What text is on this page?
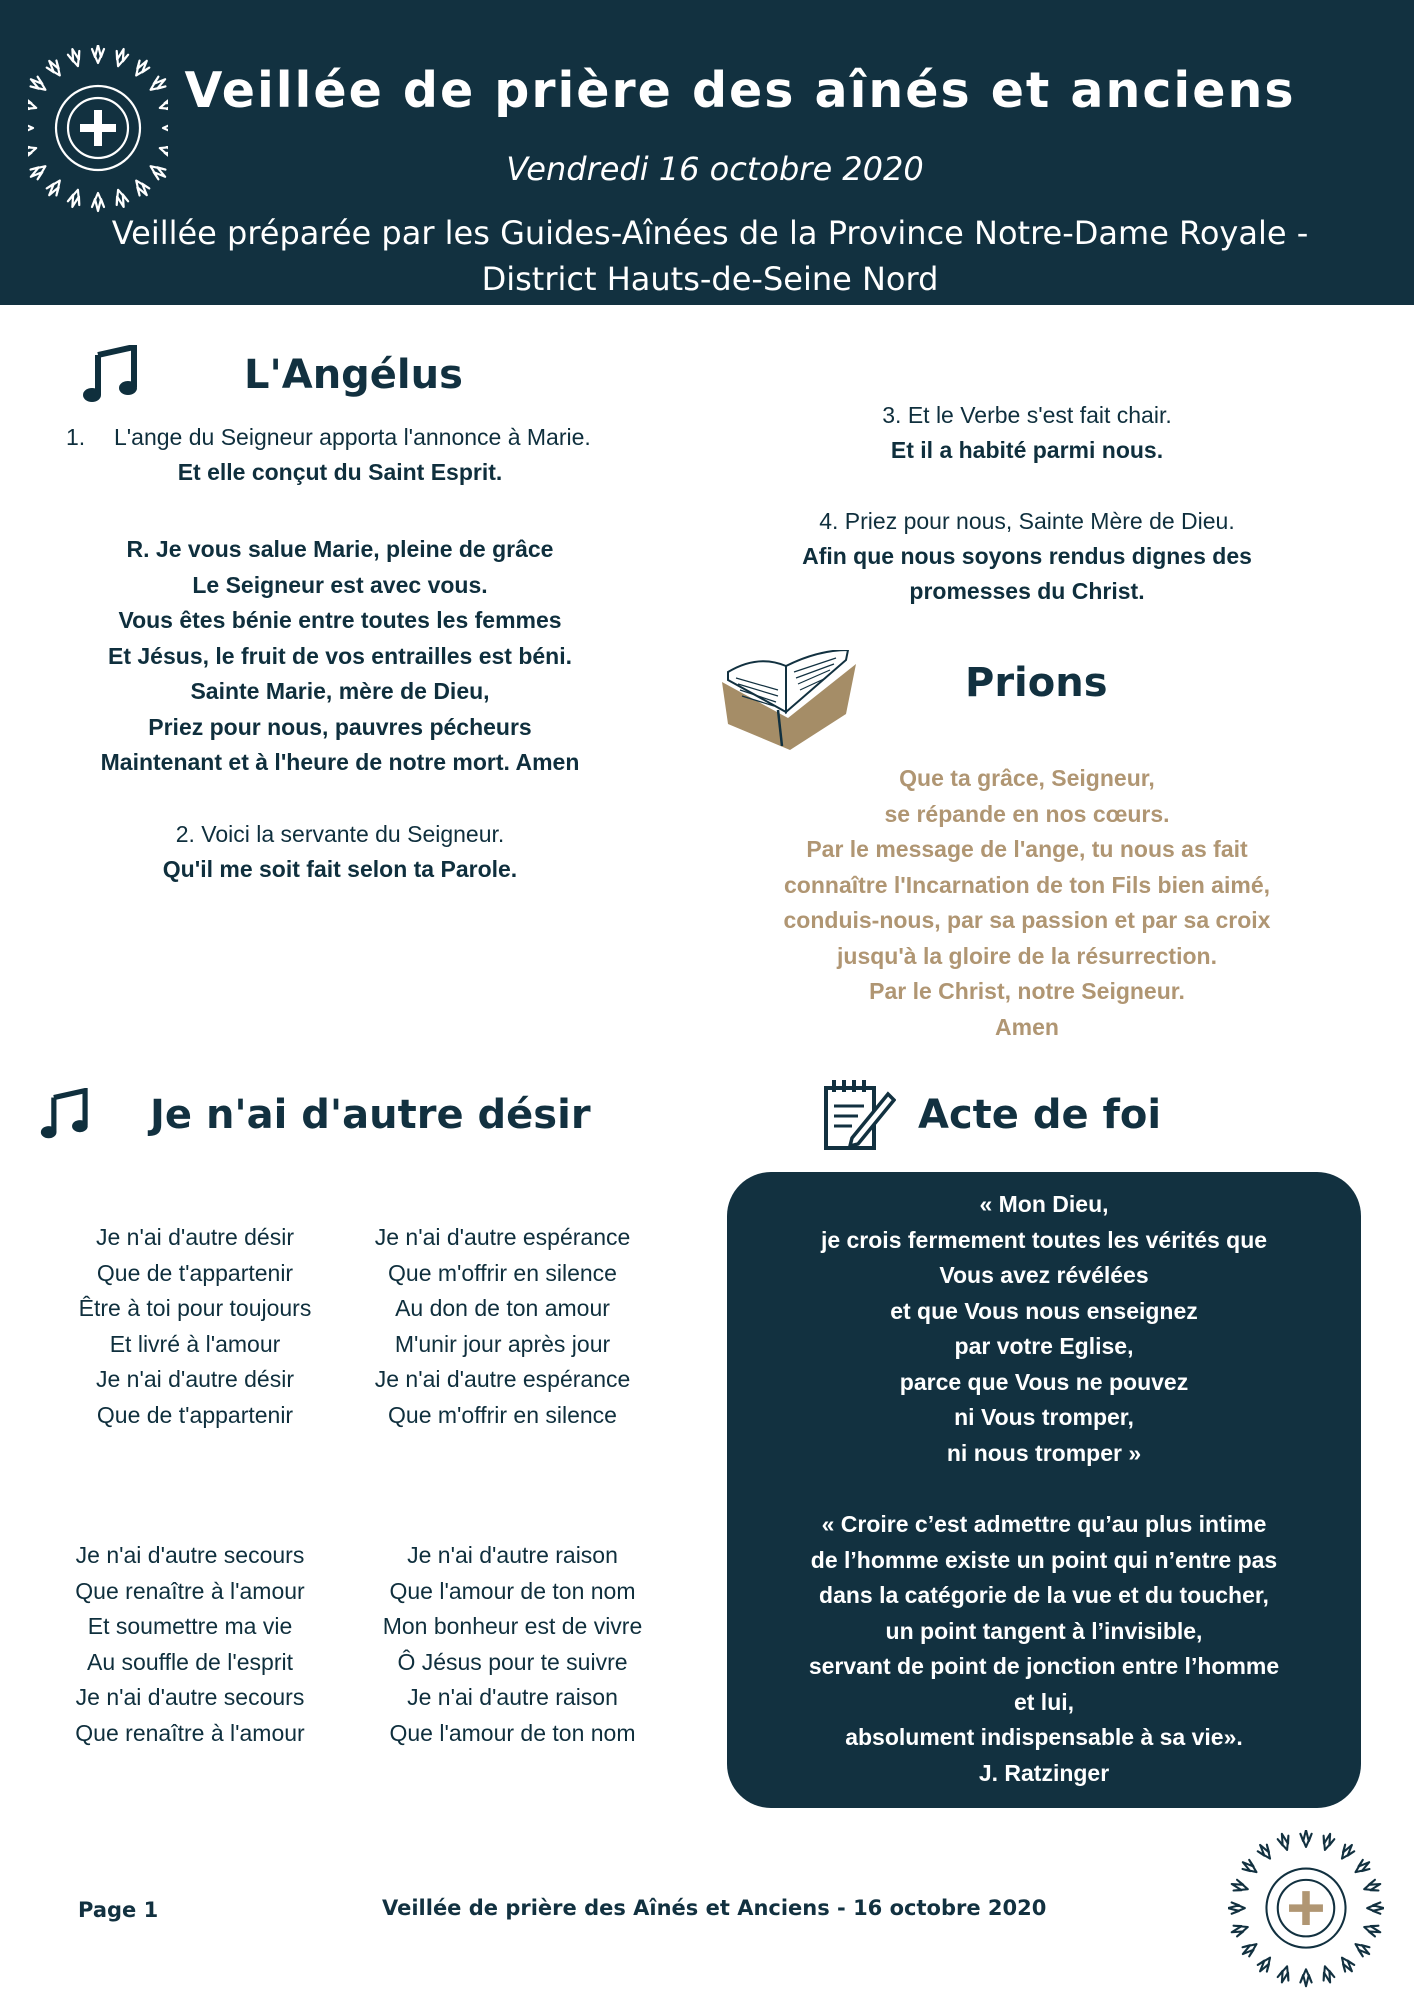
Veillée de prière des aînés et anciens
Vendredi 16 octobre 2020
Veillée préparée par les Guides-Aînées de la Province Notre-Dame Royale - District Hauts-de-Seine Nord
L'Angélus
1. L'ange du Seigneur apporta l'annonce à Marie.
Et elle conçut du Saint Esprit.
R. Je vous salue Marie, pleine de grâce
Le Seigneur est avec vous.
Vous êtes bénie entre toutes les femmes
Et Jésus, le fruit de vos entrailles est béni.
Sainte Marie, mère de Dieu,
Priez pour nous, pauvres pécheurs
Maintenant et à l'heure de notre mort. Amen
2. Voici la servante du Seigneur.
Qu'il me soit fait selon ta Parole.
3. Et le Verbe s'est fait chair.
Et il a habité parmi nous.
4. Priez pour nous, Sainte Mère de Dieu.
Afin que nous soyons rendus dignes des
promesses du Christ.
Prions
Que ta grâce, Seigneur,
se répande en nos cœurs.
Par le message de l'ange, tu nous as fait
connaître l'Incarnation de ton Fils bien aimé,
conduis-nous, par sa passion et par sa croix
jusqu'à la gloire de la résurrection.
Par le Christ, notre Seigneur.
Amen
Je n'ai d'autre désir
Je n'ai d'autre désir
Que de t'appartenir
Être à toi pour toujours
Et livré à l'amour
Je n'ai d'autre désir
Que de t'appartenir
Je n'ai d'autre espérance
Que m'offrir en silence
Au don de ton amour
M'unir jour après jour
Je n'ai d'autre espérance
Que m'offrir en silence
Je n'ai d'autre secours
Que renaître à l'amour
Et soumettre ma vie
Au souffle de l'esprit
Je n'ai d'autre secours
Que renaître à l'amour
Je n'ai d'autre raison
Que l'amour de ton nom
Mon bonheur est de vivre
Ô Jésus pour te suivre
Je n'ai d'autre raison
Que l'amour de ton nom
Acte de foi
« Mon Dieu,
je crois fermement toutes les vérités que
Vous avez révélées
et que Vous nous enseignez
par votre Eglise,
parce que Vous ne pouvez
ni Vous tromper,
ni nous tromper »
« Croire c’est admettre qu’au plus intime
de l’homme existe un point qui n’entre pas
dans la catégorie de la vue et du toucher,
un point tangent à l’invisible,
servant de point de jonction entre l’homme
et lui,
absolument indispensable à sa vie».
J. Ratzinger
Page 1	Veillée de prière des Aînés et Anciens - 16 octobre 2020
